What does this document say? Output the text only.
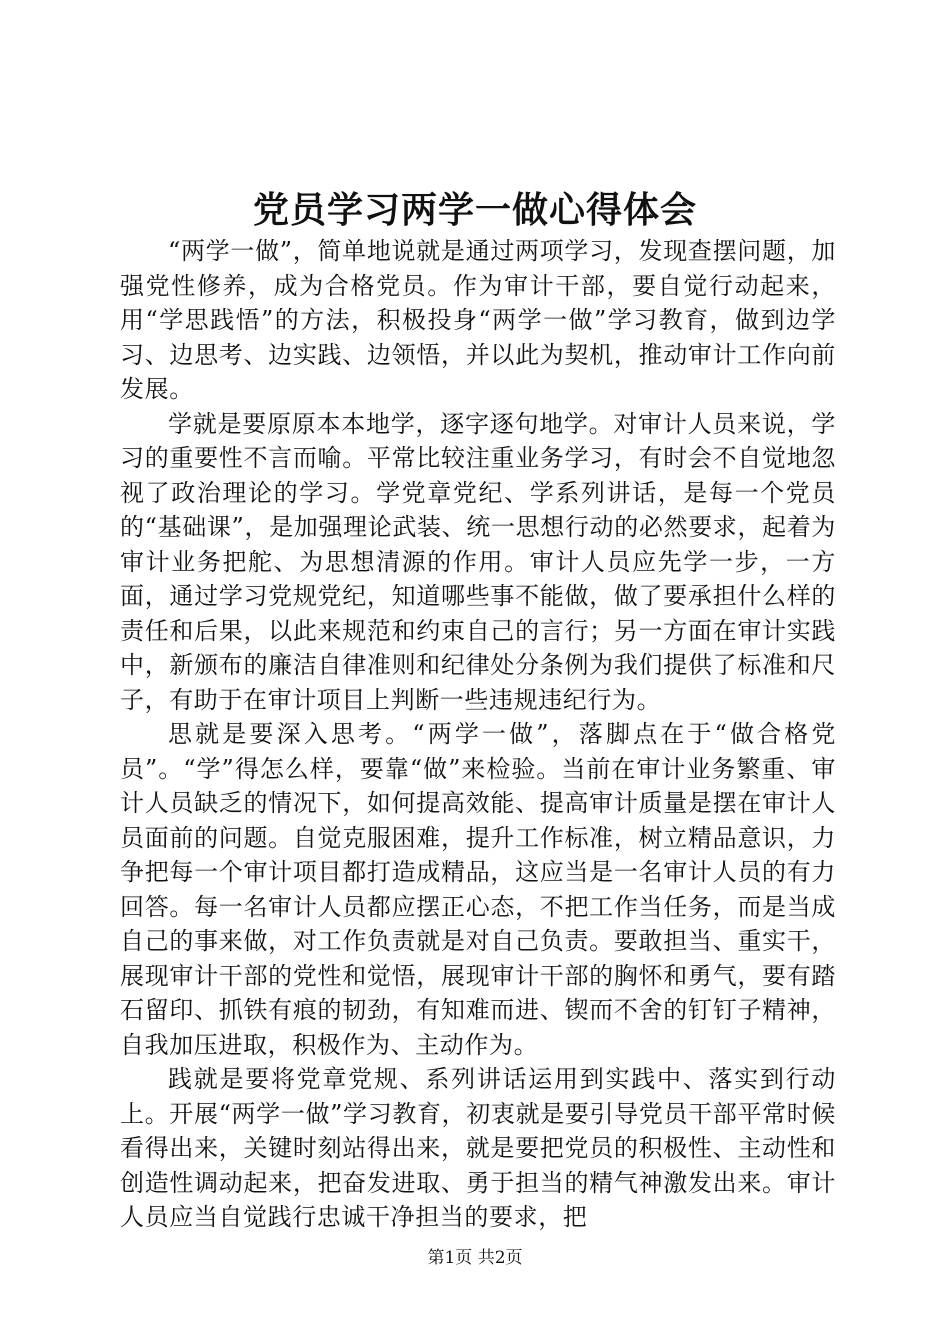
党员学习两学一做心得体会

“两学一做”，简单地说就是通过两项学习，发现查摆问题，加强党性修养，成为合格党员。作为审计干部，要自觉行动起来，用“学思践悟”的方法，积极投身“两学一做”学习教育，做到边学习、边思考、边实践、边领悟，并以此为契机，推动审计工作向前发展。

学就是要原原本本地学，逐字逐句地学。对审计人员来说，学习的重要性不言而喻。平常比较注重业务学习，有时会不自觉地忽视了政治理论的学习。学党章党纪、学系列讲话，是每一个党员的“基础课”，是加强理论武装、统一思想行动的必然要求，起着为审计业务把舵、为思想清源的作用。审计人员应先学一步，一方面，通过学习党规党纪，知道哪些事不能做，做了要承担什么样的责任和后果，以此来规范和约束自己的言行；另一方面在审计实践中，新颁布的廉洁自律准则和纪律处分条例为我们提供了标准和尺子，有助于在审计项目上判断一些违规违纪行为。

思就是要深入思考。“两学一做”，落脚点在于“做合格党员”。“学”得怎么样，要靠“做”来检验。当前在审计业务繁重、审计人员缺乏的情况下，如何提高效能、提高审计质量是摆在审计人员面前的问题。自觉克服困难，提升工作标准，树立精品意识，力争把每一个审计项目都打造成精品，这应当是一名审计人员的有力回答。每一名审计人员都应摆正心态，不把工作当任务，而是当成自己的事来做，对工作负责就是对自己负责。要敢担当、重实干，展现审计干部的党性和觉悟，展现审计干部的胸怀和勇气，要有踏石留印、抓铁有痕的韧劲，有知难而进、锲而不舍的钉钉子精神，自我加压进取，积极作为、主动作为。

践就是要将党章党规、系列讲话运用到实践中、落实到行动上。开展“两学一做”学习教育，初衷就是要引导党员干部平常时候看得出来，关键时刻站得出来，就是要把党员的积极性、主动性和创造性调动起来，把奋发进取、勇于担当的精气神激发出来。审计人员应当自觉践行忠诚干净担当的要求，把

第1页 共2页
